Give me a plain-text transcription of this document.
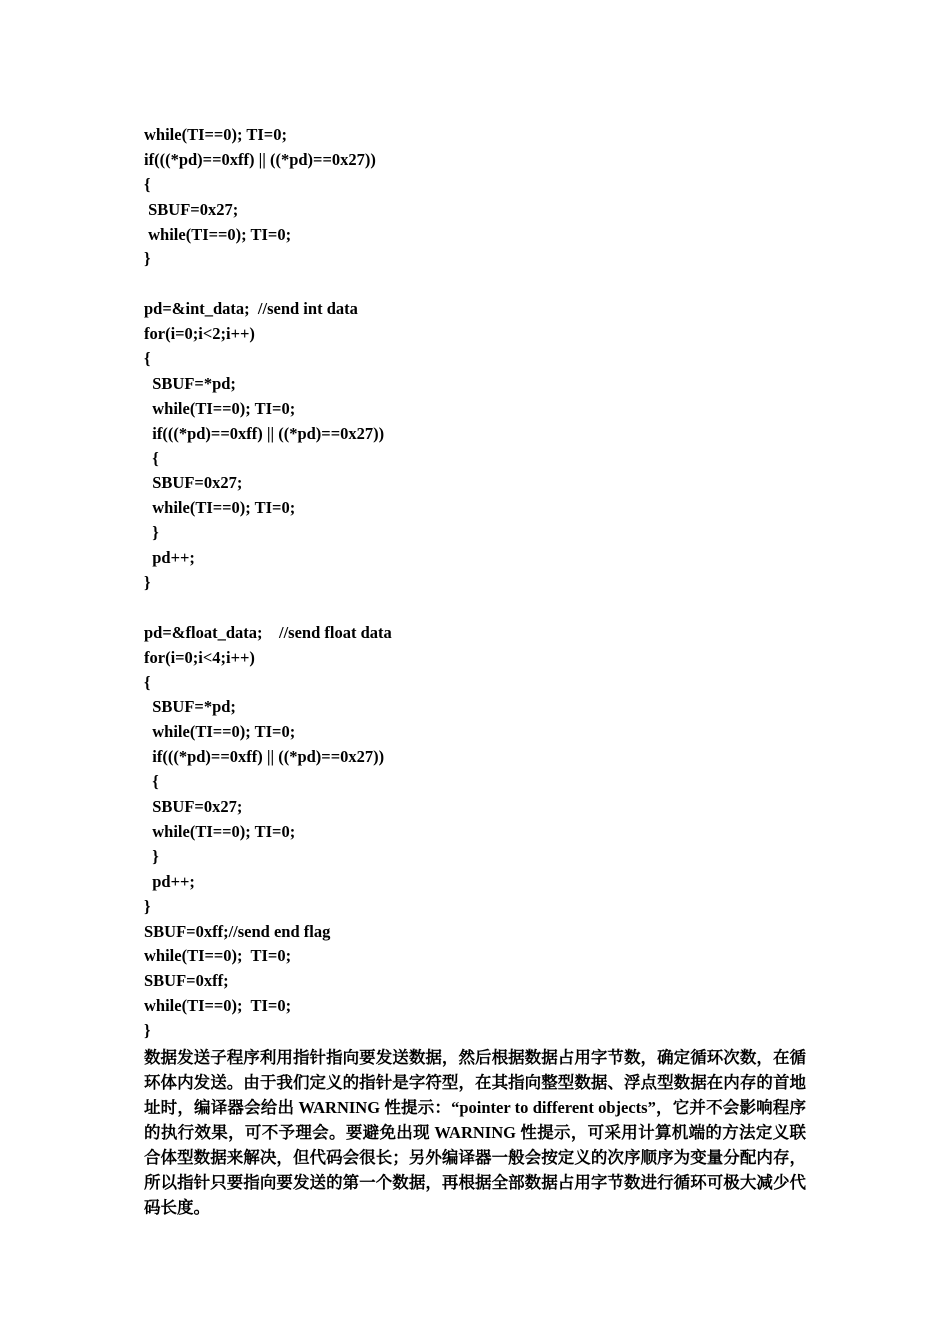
while(TI==0); TI=0;
if(((*pd)==0xff) || ((*pd)==0x27))
{
SBUF=0x27;
while(TI==0); TI=0;
}
pd=&int_data;  //send int data
for(i=0;i<2;i++)
{
SBUF=*pd;
while(TI==0); TI=0;
if(((*pd)==0xff) || ((*pd)==0x27))
{
SBUF=0x27;
while(TI==0); TI=0;
}
pd++;
}
pd=&float_data;    //send float data
for(i=0;i<4;i++)
{
SBUF=*pd;
while(TI==0); TI=0;
if(((*pd)==0xff) || ((*pd)==0x27))
{
SBUF=0x27;
while(TI==0); TI=0;
}
pd++;
}
SBUF=0xff;//send end flag
while(TI==0);  TI=0;
SBUF=0xff;
while(TI==0);  TI=0;
}
数据发送子程序利用指针指向要发送数据，然后根据数据占用字节数，确定循环次数，在循环体内发送。由于我们定义的指针是字符型，在其指向整型数据、浮点型数据在内存的首地址时，编译器会给出 WARNING 性提示：“pointer to different objects”，它并不会影响程序的执行效果，可不予理会。要避免出现 WARNING 性提示，可采用计算机端的方法定义联合体型数据来解决，但代码会很长；另外编译器一般会按定义的次序顺序为变量分配内存，所以指针只要指向要发送的第一个数据，再根据全部数据占用字节数进行循环可极大减少代码长度。
